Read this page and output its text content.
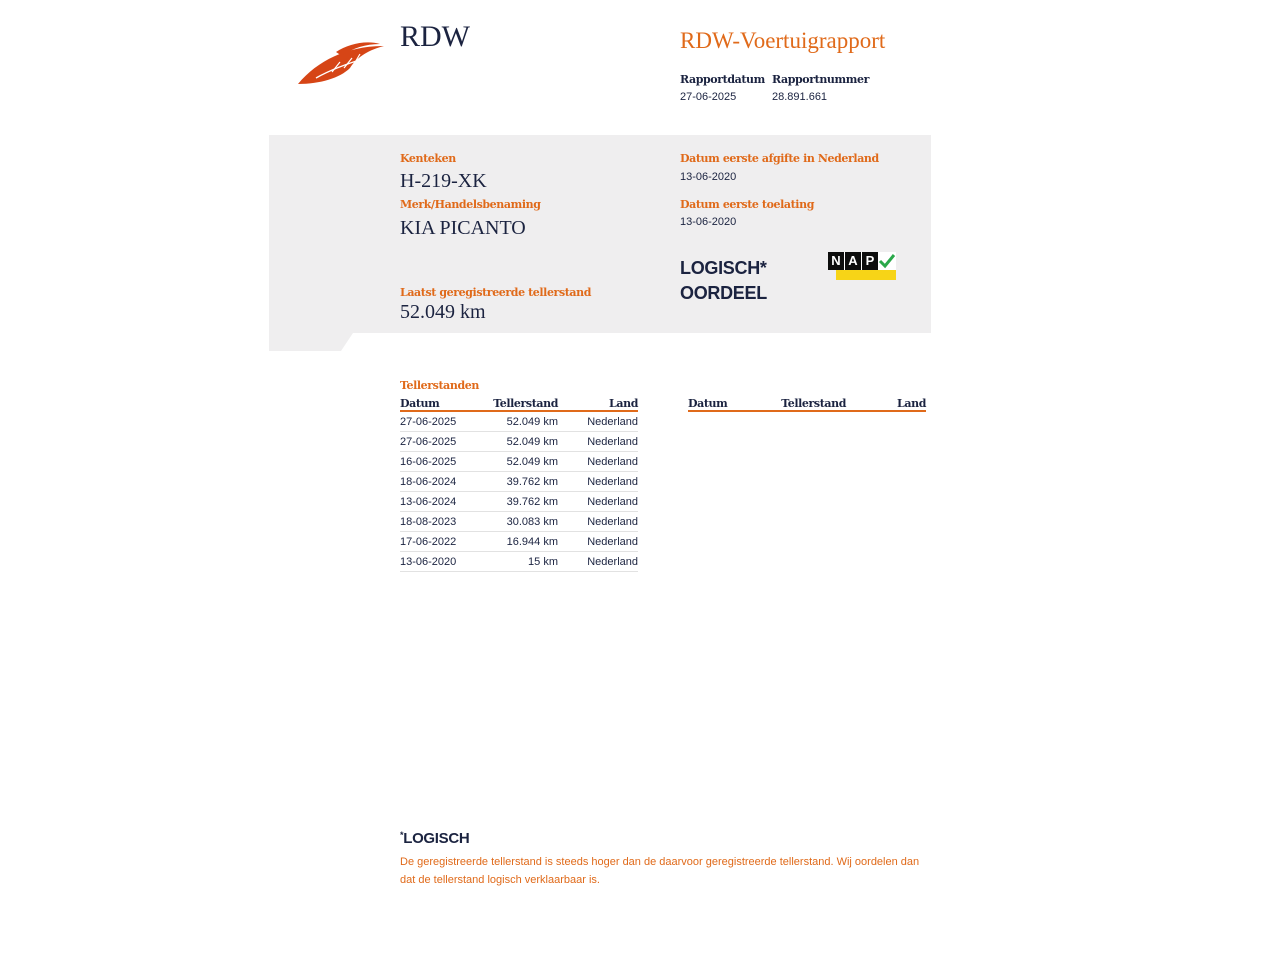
RDW	RDW-Voertuigrapport
Rapportdatum
27-06-2025
Rapportnummer
28.891.661
Kenteken
H-219-XK
Merk/Handelsbenaming
KIA PICANTO
Laatst geregistreerde tellerstand
52.049 km
Datum eerste afgifte in Nederland
13-06-2020
Datum eerste toelating
13-06-2020
LOGISCH*
OORDEEL
N A P
Tellerstanden
Datum	Tellerstand	Land
27-06-2025	52.049 km	Nederland
27-06-2025	52.049 km	Nederland
16-06-2025	52.049 km	Nederland
18-06-2024	39.762 km	Nederland
13-06-2024	39.762 km	Nederland
18-08-2023	30.083 km	Nederland
17-06-2022	16.944 km	Nederland
13-06-2020	15 km	Nederland
Datum	Tellerstand	Land
*LOGISCH
De geregistreerde tellerstand is steeds hoger dan de daarvoor geregistreerde tellerstand. Wij oordelen dan
dat de tellerstand logisch verklaarbaar is.
